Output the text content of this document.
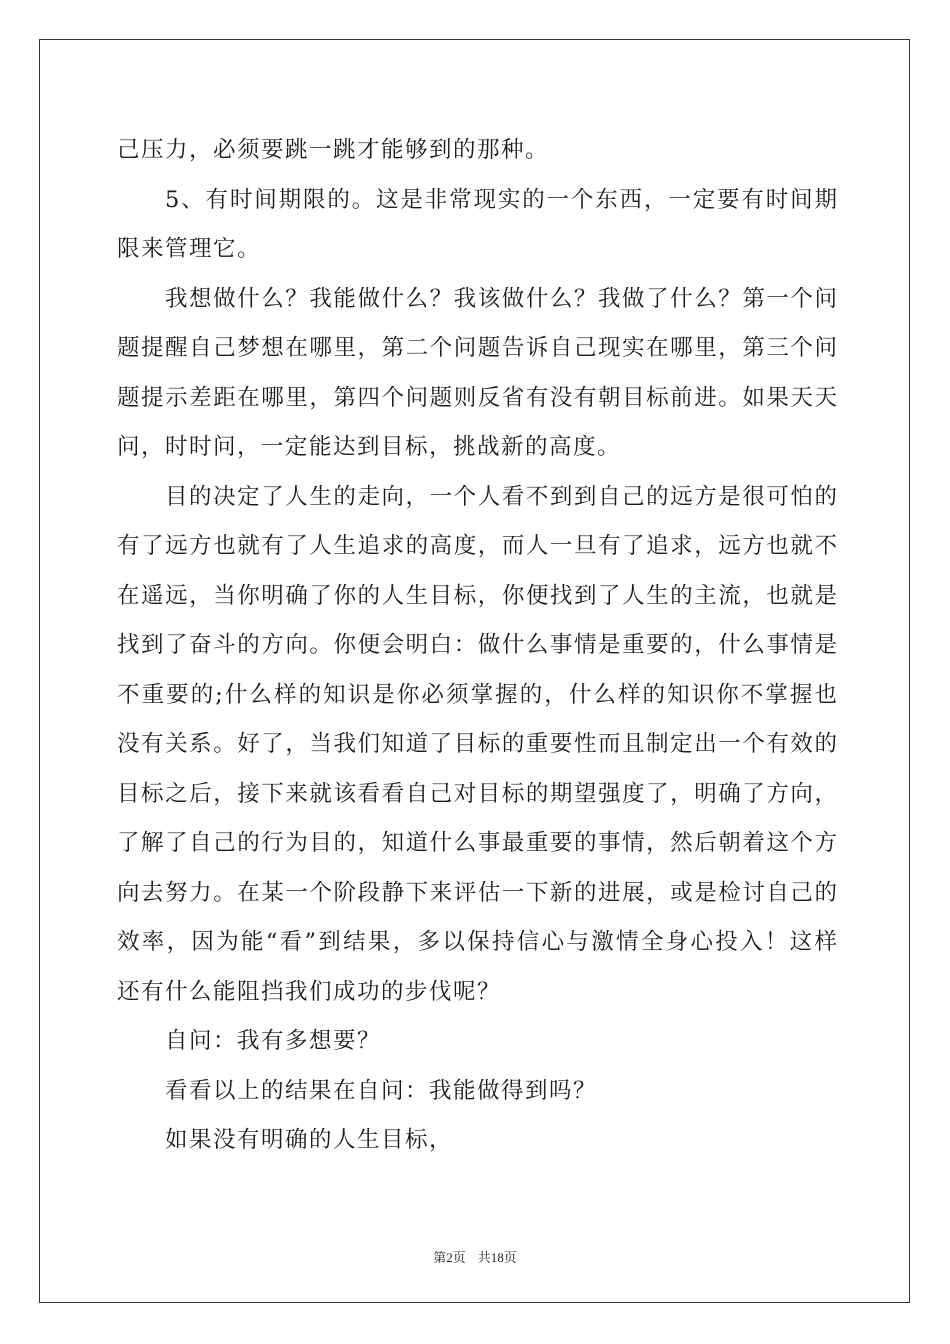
己压力，必须要跳一跳才能够到的那种。
5、有时间期限的。这是非常现实的一个东西，一定要有时间期
限来管理它。
我想做什么？我能做什么？我该做什么？我做了什么？第一个问
题提醒自己梦想在哪里，第二个问题告诉自己现实在哪里，第三个问
题提示差距在哪里，第四个问题则反省有没有朝目标前进。如果天天
问，时时问，一定能达到目标，挑战新的高度。
目的决定了人生的走向，一个人看不到到自己的远方是很可怕的
有了远方也就有了人生追求的高度，而人一旦有了追求，远方也就不
在遥远，当你明确了你的人生目标，你便找到了人生的主流，也就是
找到了奋斗的方向。你便会明白：做什么事情是重要的，什么事情是
不重要的;什么样的知识是你必须掌握的，什么样的知识你不掌握也
没有关系。好了，当我们知道了目标的重要性而且制定出一个有效的
目标之后，接下来就该看看自己对目标的期望强度了，明确了方向，
了解了自己的行为目的，知道什么事最重要的事情，然后朝着这个方
向去努力。在某一个阶段静下来评估一下新的进展，或是检讨自己的
效率，因为能“看”到结果，多以保持信心与激情全身心投入！这样
还有什么能阻挡我们成功的步伐呢？
自问：我有多想要？
看看以上的结果在自问：我能做得到吗？
如果没有明确的人生目标，
第2页 共18页
